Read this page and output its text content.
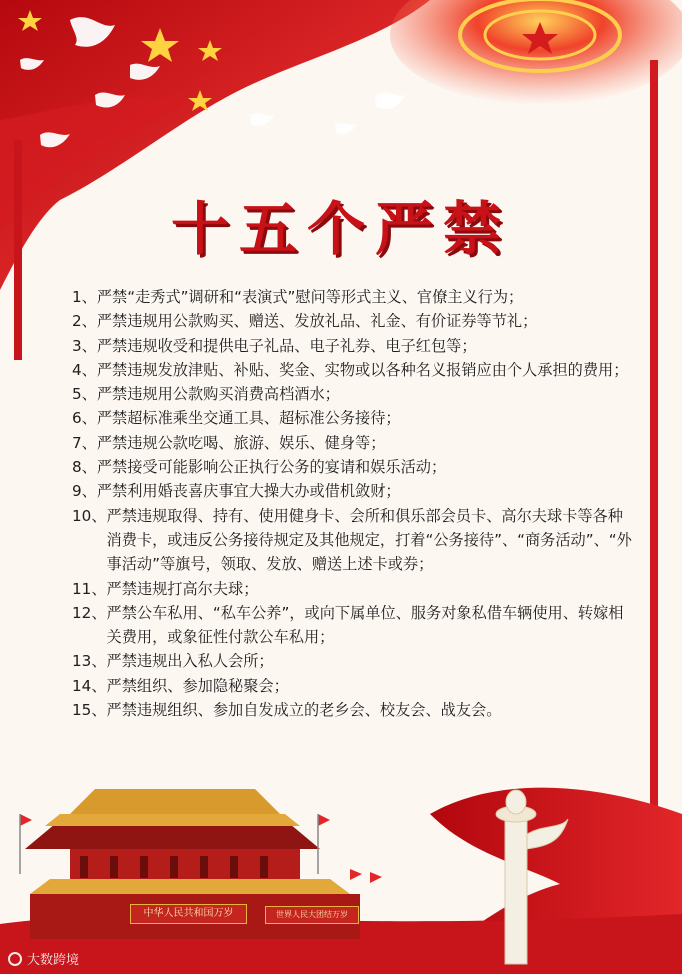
十五个严禁
1、 严禁“走秀式”调研和“表演式”慰问等形式主义、官僚主义行为；
2、 严禁违规用公款购买、赠送、发放礼品、礼金、有价证券等节礼；
3、 严禁违规收受和提供电子礼品、电子礼券、电子红包等；
4、 严禁违规发放津贴、补贴、奖金、实物或以各种名义报销应由个人承担的费用；
5、 严禁违规用公款购买消费高档酒水；
6、 严禁超标准乘坐交通工具、超标准公务接待；
7、 严禁违规公款吃喝、旅游、娱乐、健身等；
8、 严禁接受可能影响公正执行公务的宴请和娱乐活动；
9、 严禁利用婚丧喜庆事宜大操大办或借机敛财；
10、 严禁违规取得、持有、使用健身卡、会所和俱乐部会员卡、高尔夫球卡等各种消费卡，或违反公务接待规定及其他规定，打着“公务接待”、“商务活动”、“外事活动”等旗号，领取、发放、赠送上述卡或券；
11、 严禁违规打高尔夫球；
12、 严禁公车私用、“私车公养”，或向下属单位、服务对象私借车辆使用、转嫁相关费用，或象征性付款公车私用；
13、 严禁违规出入私人会所；
14、 严禁组织、参加隐秘聚会；
15、 严禁违规组织、参加自发成立的老乡会、校友会、战友会。
中华人民共和国万岁	世界人民大团结万岁
大数跨境
